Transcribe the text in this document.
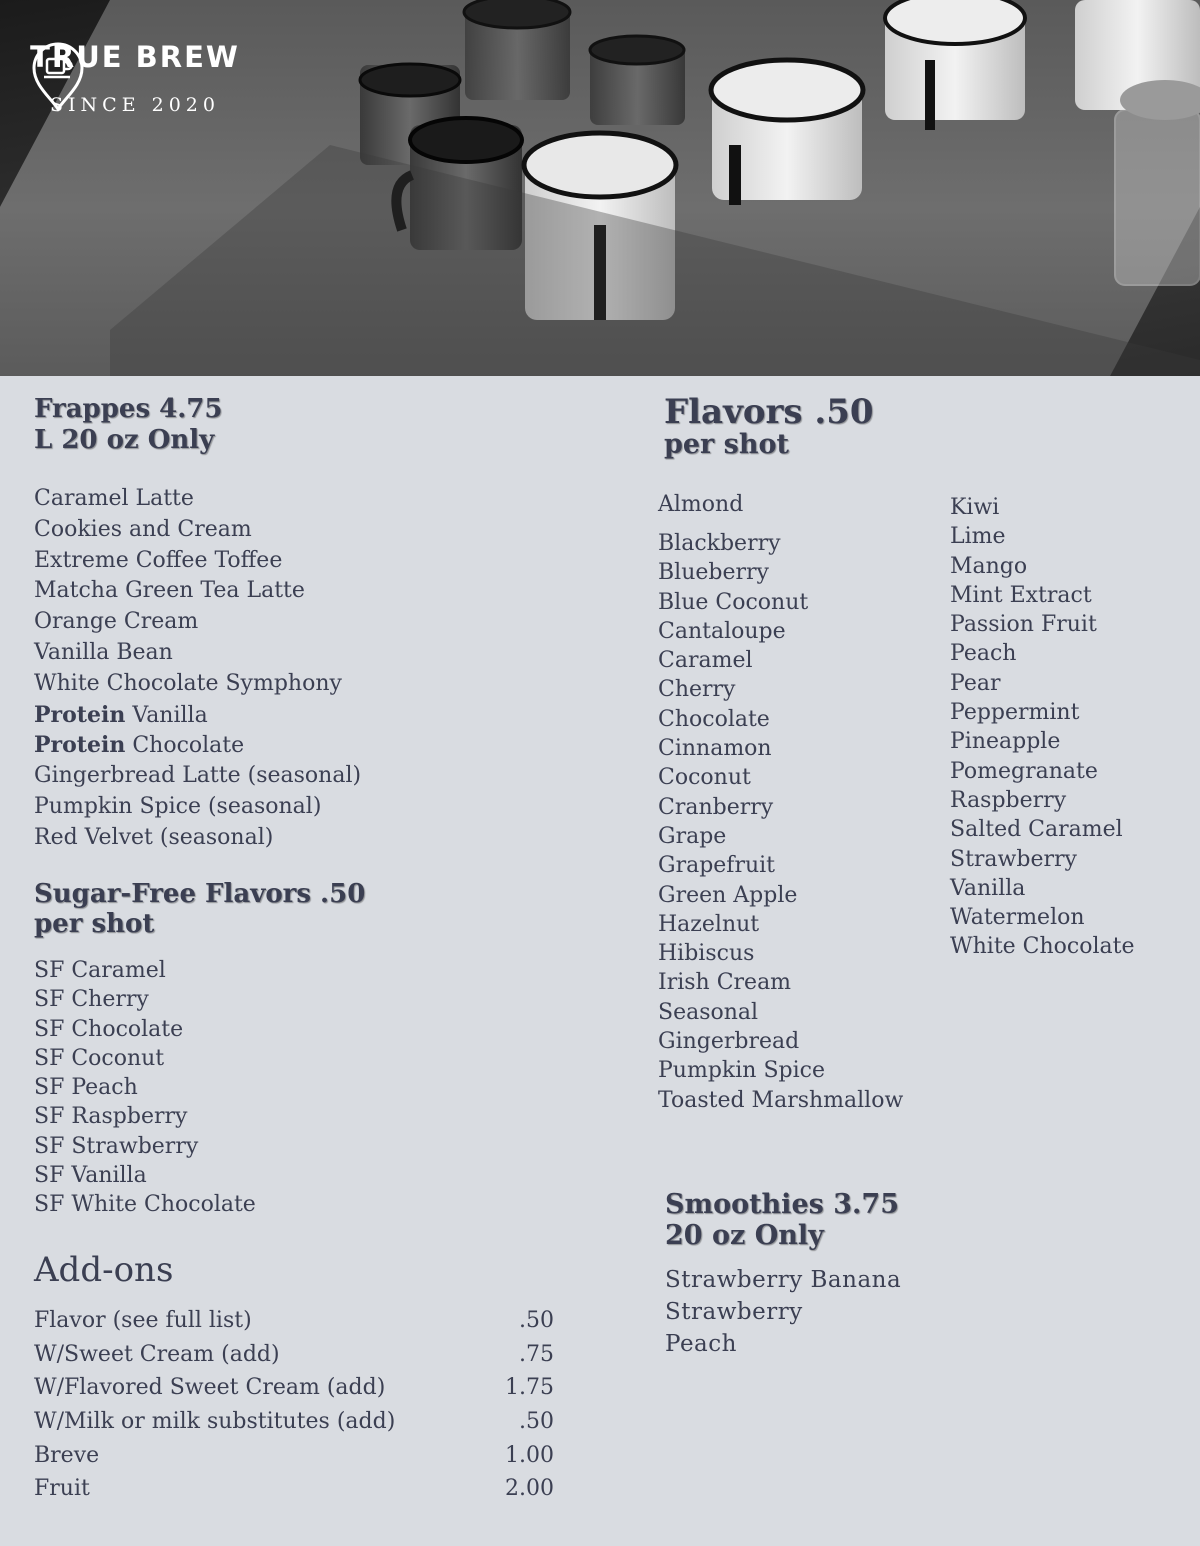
TRUE BREW
SINCE 2020
Frappes 4.75
L 20 oz Only
Caramel Latte
Cookies and Cream
Extreme Coffee Toffee
Matcha Green Tea Latte
Orange Cream
Vanilla Bean
White Chocolate Symphony
Protein Vanilla
Protein Chocolate
Gingerbread Latte (seasonal)
Pumpkin Spice (seasonal)
Red Velvet (seasonal)
Sugar-Free Flavors .50
per shot
SF Caramel
SF Cherry
SF Chocolate
SF Coconut
SF Peach
SF Raspberry
SF Strawberry
SF Vanilla
SF White Chocolate
Add-ons
Flavor (see full list)	.50
W/Sweet Cream (add)	.75
W/Flavored Sweet Cream (add)	1.75
W/Milk or milk substitutes (add)	.50
Breve	1.00
Fruit	2.00
Flavors .50
per shot
Almond
Blackberry
Blueberry
Blue Coconut
Cantaloupe
Caramel
Cherry
Chocolate
Cinnamon
Coconut
Cranberry
Grape
Grapefruit
Green Apple
Hazelnut
Hibiscus
Irish Cream
Seasonal
Gingerbread
Pumpkin Spice
Toasted Marshmallow
Kiwi
Lime
Mango
Mint Extract
Passion Fruit
Peach
Pear
Peppermint
Pineapple
Pomegranate
Raspberry
Salted Caramel
Strawberry
Vanilla
Watermelon
White Chocolate
Smoothies 3.75
20 oz Only
Strawberry Banana
Strawberry
Peach
